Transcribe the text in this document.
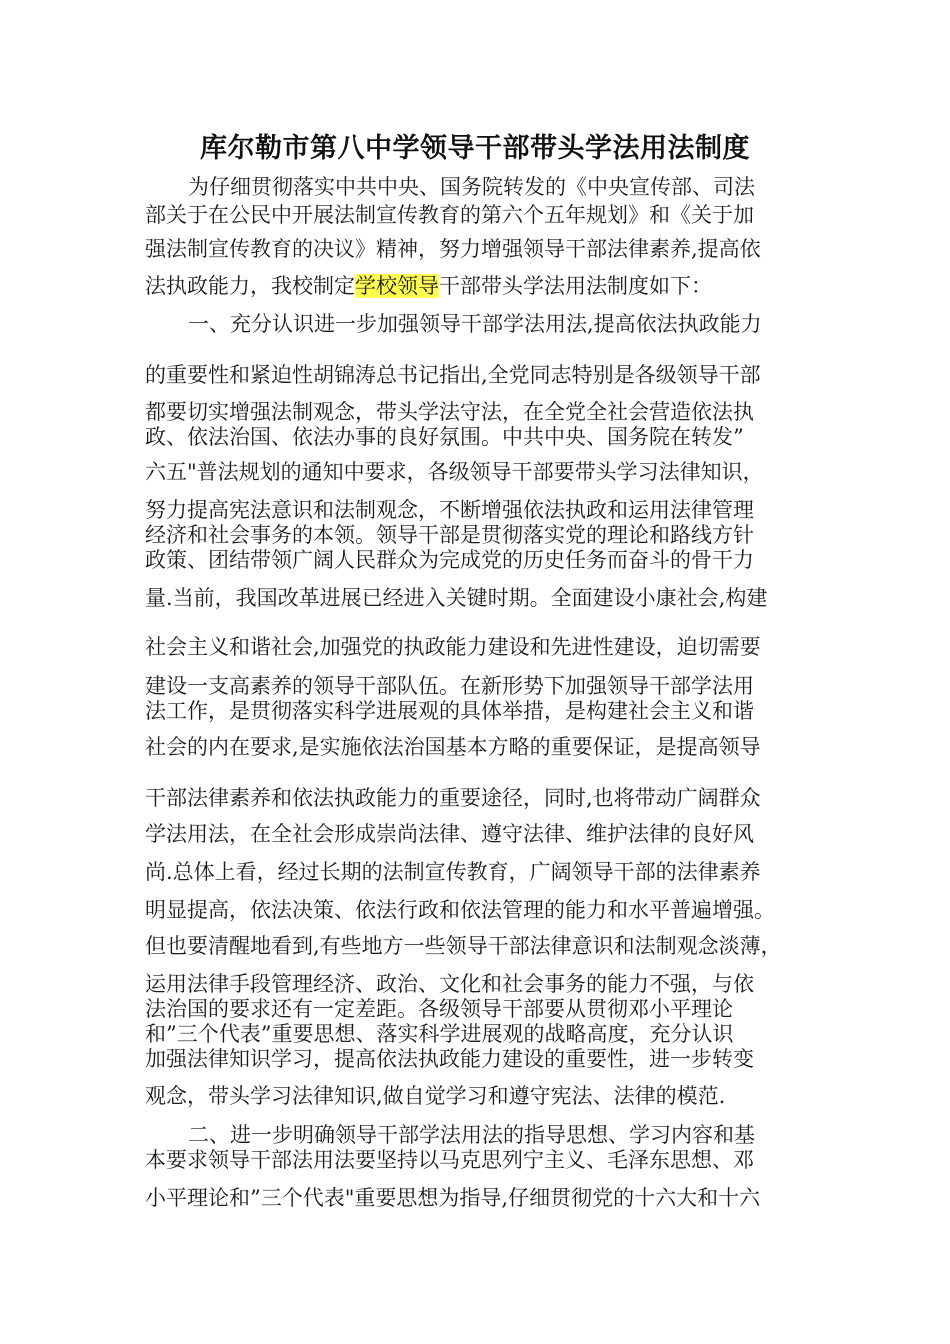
库尔勒市第八中学领导干部带头学法用法制度
为仔细贯彻落实中共中央、国务院转发的《中央宣传部、司法
部关于在公民中开展法制宣传教育的第六个五年规划》和《关于加
强法制宣传教育的决议》精神，努力增强领导干部法律素养,提高依
法执政能力，我校制定学校领导干部带头学法用法制度如下：
一、充分认识进一步加强领导干部学法用法,提高依法执政能力
的重要性和紧迫性胡锦涛总书记指出,全党同志特别是各级领导干部
都要切实增强法制观念，带头学法守法，在全党全社会营造依法执
政、依法治国、依法办事的良好氛围。中共中央、国务院在转发”
六五"普法规划的通知中要求，各级领导干部要带头学习法律知识，
努力提高宪法意识和法制观念，不断增强依法执政和运用法律管理
经济和社会事务的本领。领导干部是贯彻落实党的理论和路线方针
政策、团结带领广阔人民群众为完成党的历史任务而奋斗的骨干力
量.当前，我国改革进展已经进入关键时期。全面建设小康社会,构建
社会主义和谐社会,加强党的执政能力建设和先进性建设，迫切需要
建设一支高素养的领导干部队伍。在新形势下加强领导干部学法用
法工作，是贯彻落实科学进展观的具体举措，是构建社会主义和谐
社会的内在要求,是实施依法治国基本方略的重要保证，是提高领导
干部法律素养和依法执政能力的重要途径，同时,也将带动广阔群众
学法用法，在全社会形成崇尚法律、遵守法律、维护法律的良好风
尚.总体上看，经过长期的法制宣传教育，广阔领导干部的法律素养
明显提高，依法决策、依法行政和依法管理的能力和水平普遍增强。
但也要清醒地看到,有些地方一些领导干部法律意识和法制观念淡薄，
运用法律手段管理经济、政治、文化和社会事务的能力不强，与依
法治国的要求还有一定差距。各级领导干部要从贯彻邓小平理论
和”三个代表”重要思想、落实科学进展观的战略高度，充分认识
加强法律知识学习，提高依法执政能力建设的重要性，进一步转变
观念，带头学习法律知识,做自觉学习和遵守宪法、法律的模范.
二、进一步明确领导干部学法用法的指导思想、学习内容和基
本要求领导干部法用法要坚持以马克思列宁主义、毛泽东思想、邓
小平理论和”三个代表"重要思想为指导,仔细贯彻党的十六大和十六
